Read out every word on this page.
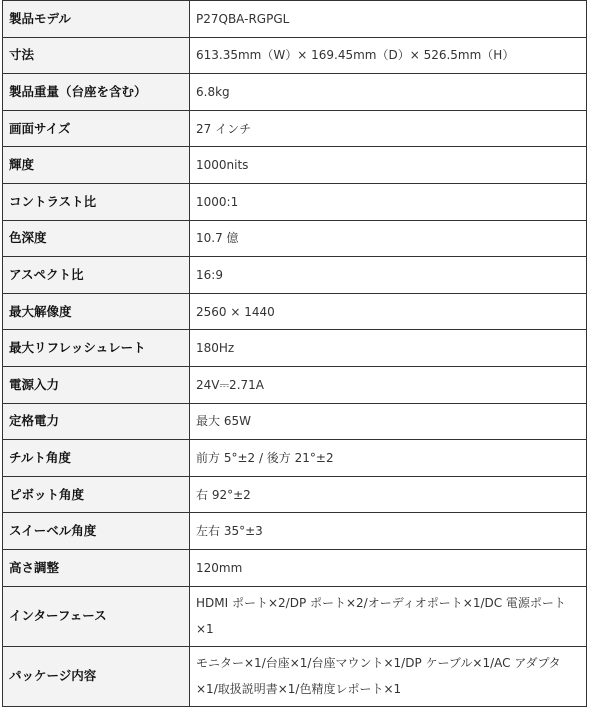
製品モデル	P27QBA-RGPGL
寸法	613.35mm（W）× 169.45mm（D）× 526.5mm（H）
製品重量（台座を含む）	6.8kg
画面サイズ	27 インチ
輝度	1000nits
コントラスト比	1000:1
色深度	10.7 億
アスペクト比	16:9
最大解像度	2560 × 1440
最大リフレッシュレート	180Hz
電源入力	24V⎓2.71A
定格電力	最大 65W
チルト角度	前方 5°±2 / 後方 21°±2
ピボット角度	右 92°±2
スイーベル角度	左右 35°±3
高さ調整	120mm
インターフェース	HDMI ポート×2/DP ポート×2/オーディオポート×1/DC 電源ポート×1
パッケージ内容	モニター×1/台座×1/台座マウント×1/DP ケーブル×1/AC アダプタ×1/取扱説明書×1/色精度レポート×1
